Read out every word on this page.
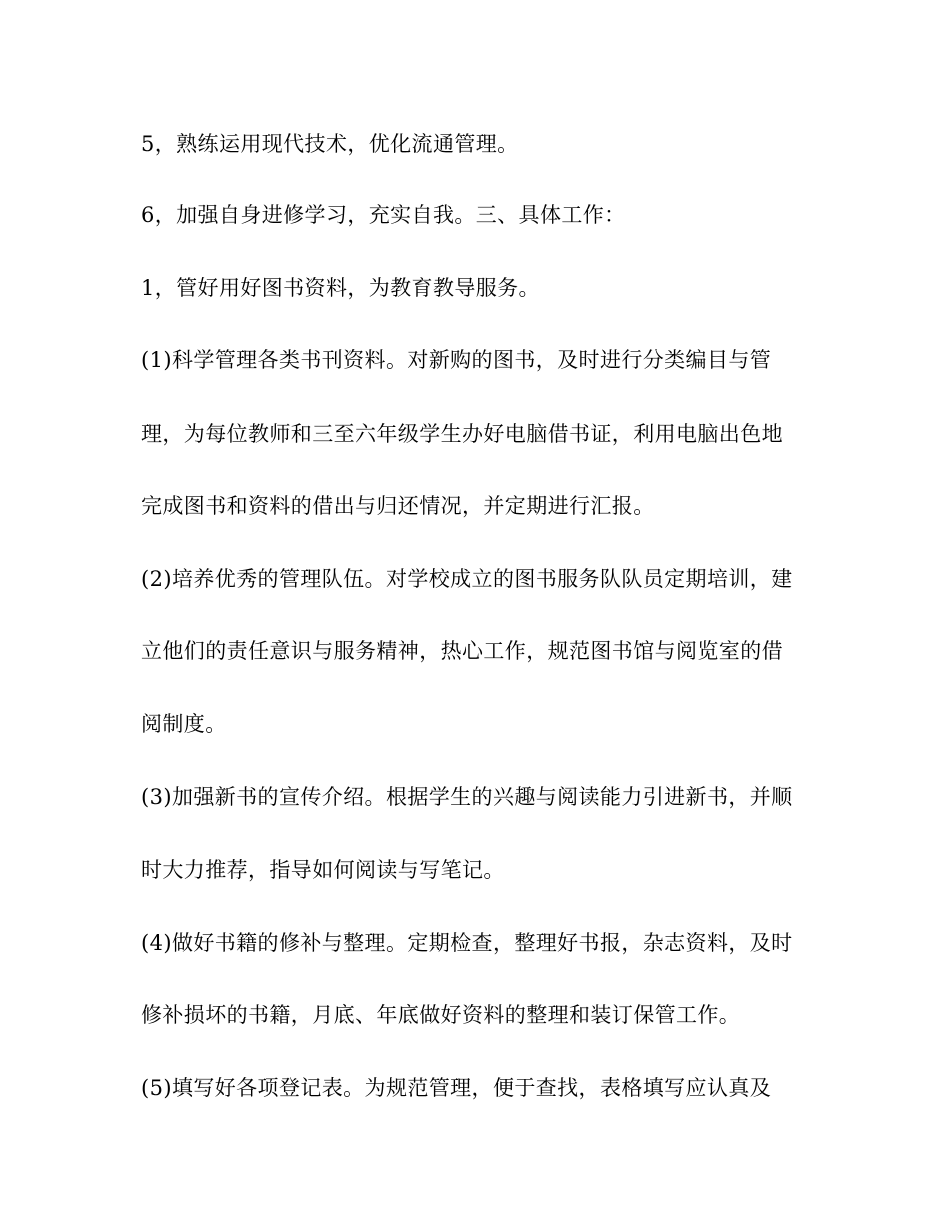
5，熟练运用现代技术，优化流通管理。

6，加强自身进修学习，充实自我。三、具体工作：

1，管好用好图书资料，为教育教导服务。

(1)科学管理各类书刊资料。对新购的图书，及时进行分类编目与管

理，为每位教师和三至六年级学生办好电脑借书证，利用电脑出色地

完成图书和资料的借出与归还情况，并定期进行汇报。

(2)培养优秀的管理队伍。对学校成立的图书服务队队员定期培训，建

立他们的责任意识与服务精神，热心工作，规范图书馆与阅览室的借

阅制度。

(3)加强新书的宣传介绍。根据学生的兴趣与阅读能力引进新书，并顺

时大力推荐，指导如何阅读与写笔记。

(4)做好书籍的修补与整理。定期检查，整理好书报，杂志资料，及时

修补损坏的书籍，月底、年底做好资料的整理和装订保管工作。

(5)填写好各项登记表。为规范管理，便于查找，表格填写应认真及
